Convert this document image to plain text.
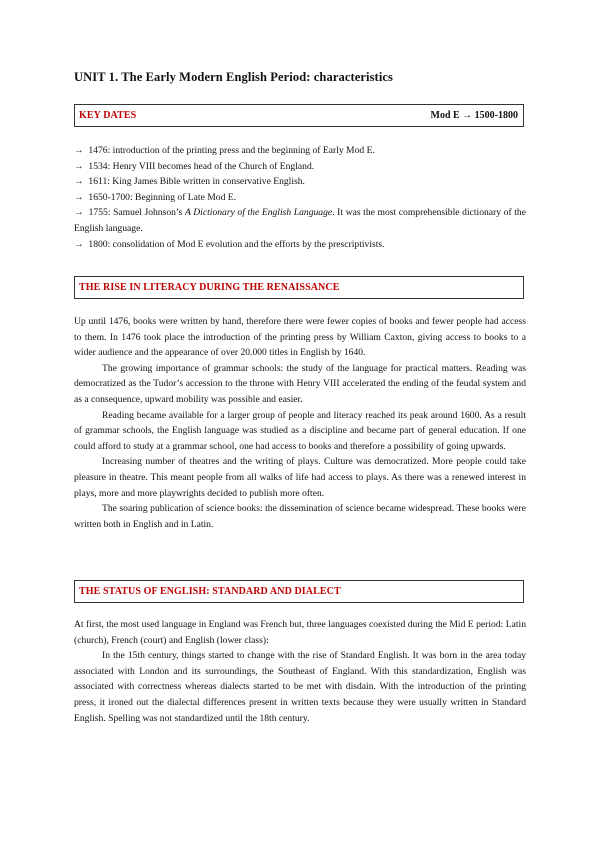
UNIT 1. The Early Modern English Period: characteristics
KEY DATES	Mod E → 1500-1800
→ 1476: introduction of the printing press and the beginning of Early Mod E.
→ 1534: Henry VIII becomes head of the Church of England.
→ 1611: King James Bible written in conservative English.
→ 1650-1700: Beginning of Late Mod E.
→ 1755: Samuel Johnson’s A Dictionary of the English Language. It was the most comprehensible dictionary of the English language.
→ 1800: consolidation of Mod E evolution and the efforts by the prescriptivists.
THE RISE IN LITERACY DURING THE RENAISSANCE

Up until 1476, books were written by hand, therefore there were fewer copies of books and fewer people had access to them. In 1476 took place the introduction of the printing press by William Caxton, giving access to books to a wider audience and the appearance of over 20.000 titles in English by 1640.

The growing importance of grammar schools: the study of the language for practical matters. Reading was democratized as the Tudor’s accession to the throne with Henry VIII accelerated the ending of the feudal system and as a consequence, upward mobility was possible and easier.

Reading became available for a larger group of people and literacy reached its peak around 1600. As a result of grammar schools, the English language was studied as a discipline and became part of general education. If one could afford to study at a grammar school, one had access to books and therefore a possibility of going upwards.

Increasing number of theatres and the writing of plays. Culture was democratized. More people could take pleasure in theatre. This meant people from all walks of life had access to plays. As there was a renewed interest in plays, more and more playwrights decided to publish more often.

The soaring publication of science books: the dissemination of science became widespread. These books were written both in English and in Latin.

THE STATUS OF ENGLISH: STANDARD AND DIALECT

At first, the most used language in England was French but, three languages coexisted during the Mid E period: Latin (church), French (court) and English (lower class):

In the 15th century, things started to change with the rise of Standard English. It was born in the area today associated with London and its surroundings, the Southeast of England. With this standardization, English was associated with correctness whereas dialects started to be met with disdain. With the introduction of the printing press, it ironed out the dialectal differences present in written texts because they were usually written in Standard English. Spelling was not standardized until the 18th century.
